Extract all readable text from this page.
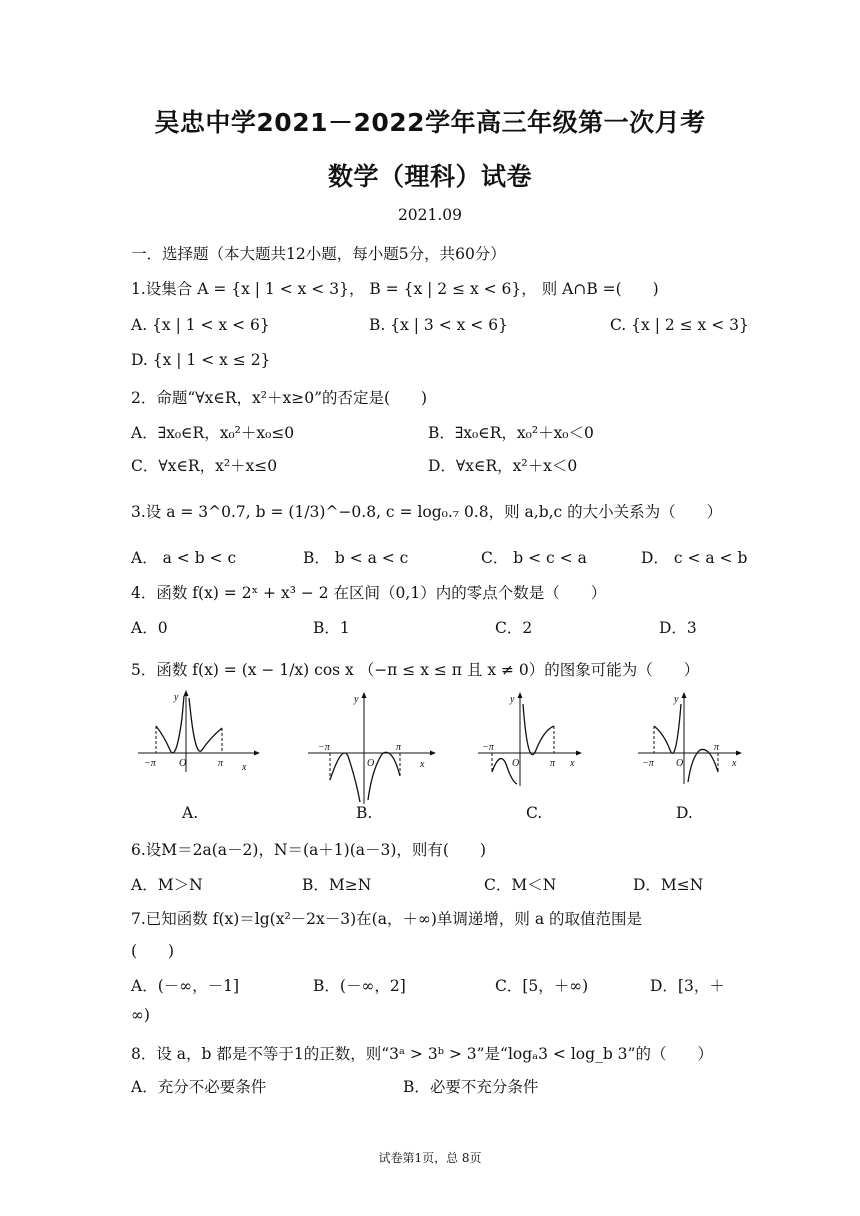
吴忠中学2021－2022学年高三年级第一次月考
数学（理科）试卷
2021.09
一．选择题（本大题共12小题，每小题5分，共60分）
1.设集合 A = {x | 1 < x < 3}， B = {x | 2 ≤ x < 6}， 则 A∩B =(　　)
A. {x | 1 < x < 6}	B. {x | 3 < x < 6}	C. {x | 2 ≤ x < 3}
D. {x | 1 < x ≤ 2}
2．命题“∀x∈R，x²＋x≥0”的否定是(　　)
A．∃x₀∈R，x₀²＋x₀≤0	B．∃x₀∈R，x₀²＋x₀＜0
C．∀x∈R，x²＋x≤0	D．∀x∈R，x²＋x＜0
3.设 a = 3^0.7, b = (1/3)^−0.8, c = log₀.₇ 0.8，则 a,b,c 的大小关系为（　　）
A． a < b < c	B． b < a < c	C． b < c < a	D． c < a < b
4．函数 f(x) = 2ˣ + x³ − 2 在区间（0,1）内的零点个数是（　　）
A．0	B．1	C．2	D．3
5．函数 f(x) = (x − 1/x) cos x （−π ≤ x ≤ π 且 x ≠ 0）的图象可能为（　　）
y
x
O
−π	π
A.
y
x
O
−π	π
B.
y
x
O
−π
π
C.
y
x
O
−π
π
D.
6.设M＝2a(a－2)，N＝(a＋1)(a－3)，则有(　　)
A．M＞N	B．M≥N	C．M＜N	D．M≤N
7.已知函数 f(x)＝lg(x²－2x－3)在(a，＋∞)单调递增，则 a 的取值范围是
(　　)
A．(－∞，－1]	B．(－∞，2]	C．[5，＋∞)	D．[3，＋
∞)
8．设 a，b 都是不等于1的正数，则“3ᵃ > 3ᵇ > 3”是“logₐ3 < log_b 3”的（　　）
A．充分不必要条件	B．必要不充分条件
试卷第1页，总 8页
